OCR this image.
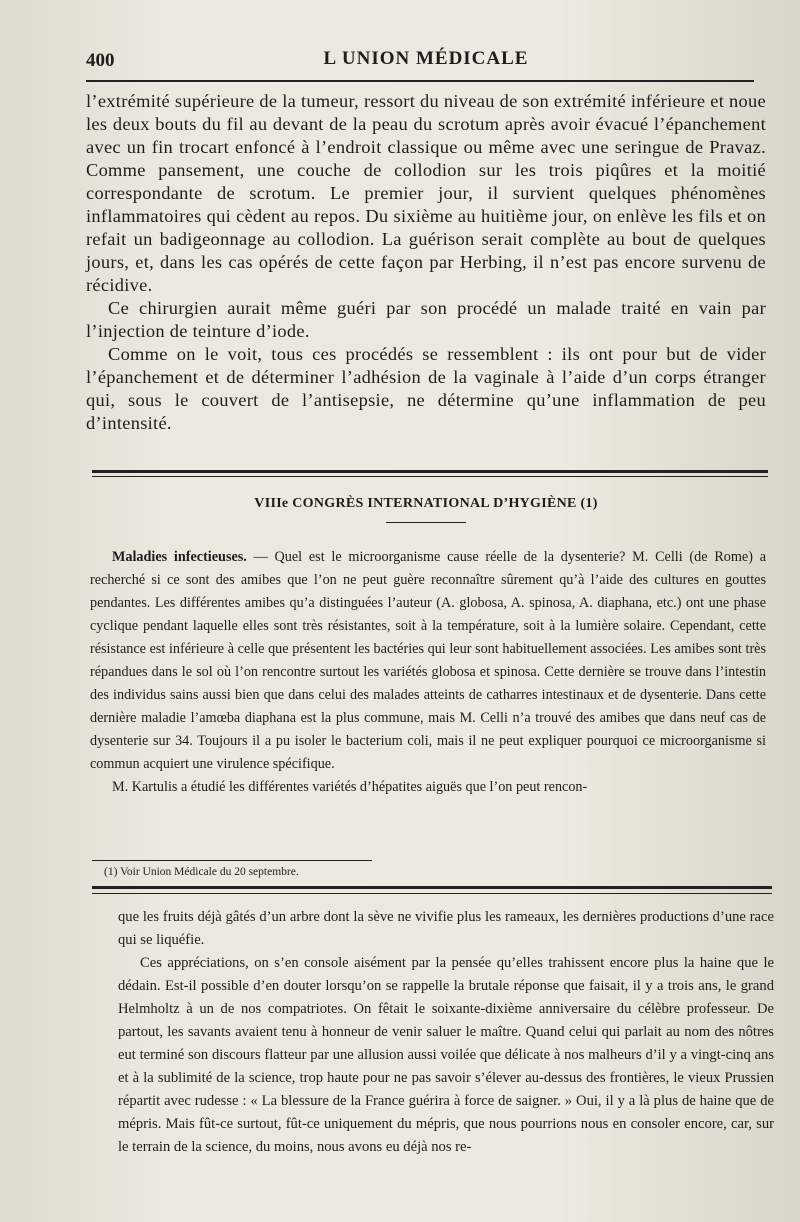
400	L UNION MÉDICALE

l’extrémité supérieure de la tumeur, ressort du niveau de son extrémité inférieure et noue les deux bouts du fil au devant de la peau du scrotum après avoir évacué l’épanchement avec un fin trocart enfoncé à l’endroit classique ou même avec une seringue de Pravaz. Comme pansement, une couche de collodion sur les trois piqûres et la moitié correspondante de scrotum. Le premier jour, il survient quelques phénomènes inflammatoires qui cèdent au repos. Du sixième au huitième jour, on enlève les fils et on refait un badigeonnage au collodion. La guérison serait complète au bout de quelques jours, et, dans les cas opérés de cette façon par Herbing, il n’est pas encore survenu de récidive.

Ce chirurgien aurait même guéri par son procédé un malade traité en vain par l’injection de teinture d’iode.

Comme on le voit, tous ces procédés se ressemblent : ils ont pour but de vider l’épanchement et de déterminer l’adhésion de la vaginale à l’aide d’un corps étranger qui, sous le couvert de l’antisepsie, ne détermine qu’une inflammation de peu d’intensité.

VIIIe CONGRÈS INTERNATIONAL D’HYGIÈNE (1)

Maladies infectieuses. — Quel est le microorganisme cause réelle de la dysenterie? M. Celli (de Rome) a recherché si ce sont des amibes que l’on ne peut guère reconnaître sûrement qu’à l’aide des cultures en gouttes pendantes. Les différentes amibes qu’a distinguées l’auteur (A. globosa, A. spinosa, A. diaphana, etc.) ont une phase cyclique pendant laquelle elles sont très résistantes, soit à la température, soit à la lumière solaire. Cependant, cette résistance est inférieure à celle que présentent les bactéries qui leur sont habituellement associées. Les amibes sont très répandues dans le sol où l’on rencontre surtout les variétés globosa et spinosa. Cette dernière se trouve dans l’intestin des individus sains aussi bien que dans celui des malades atteints de catharres intestinaux et de dysenterie. Dans cette dernière maladie l’amœba diaphana est la plus commune, mais M. Celli n’a trouvé des amibes que dans neuf cas de dysenterie sur 34. Toujours il a pu isoler le bacterium coli, mais il ne peut expliquer pourquoi ce microorganisme si commun acquiert une virulence spécifique.

M. Kartulis a étudié les différentes variétés d’hépatites aiguës que l’on peut rencon-

(1) Voir Union Médicale du 20 septembre.

que les fruits déjà gâtés d’un arbre dont la sève ne vivifie plus les rameaux, les dernières productions d’une race qui se liquéfie.

Ces appréciations, on s’en console aisément par la pensée qu’elles trahissent encore plus la haine que le dédain. Est-il possible d’en douter lorsqu’on se rappelle la brutale réponse que faisait, il y a trois ans, le grand Helmholtz à un de nos compatriotes. On fêtait le soixante-dixième anniversaire du célèbre professeur. De partout, les savants avaient tenu à honneur de venir saluer le maître. Quand celui qui parlait au nom des nôtres eut terminé son discours flatteur par une allusion aussi voilée que délicate à nos malheurs d’il y a vingt-cinq ans et à la sublimité de la science, trop haute pour ne pas savoir s’élever au-dessus des frontières, le vieux Prussien répartit avec rudesse : « La blessure de la France guérira à force de saigner. » Oui, il y a là plus de haine que de mépris. Mais fût-ce surtout, fût-ce uniquement du mépris, que nous pourrions nous en consoler encore, car, sur le terrain de la science, du moins, nous avons eu déjà nos re-
